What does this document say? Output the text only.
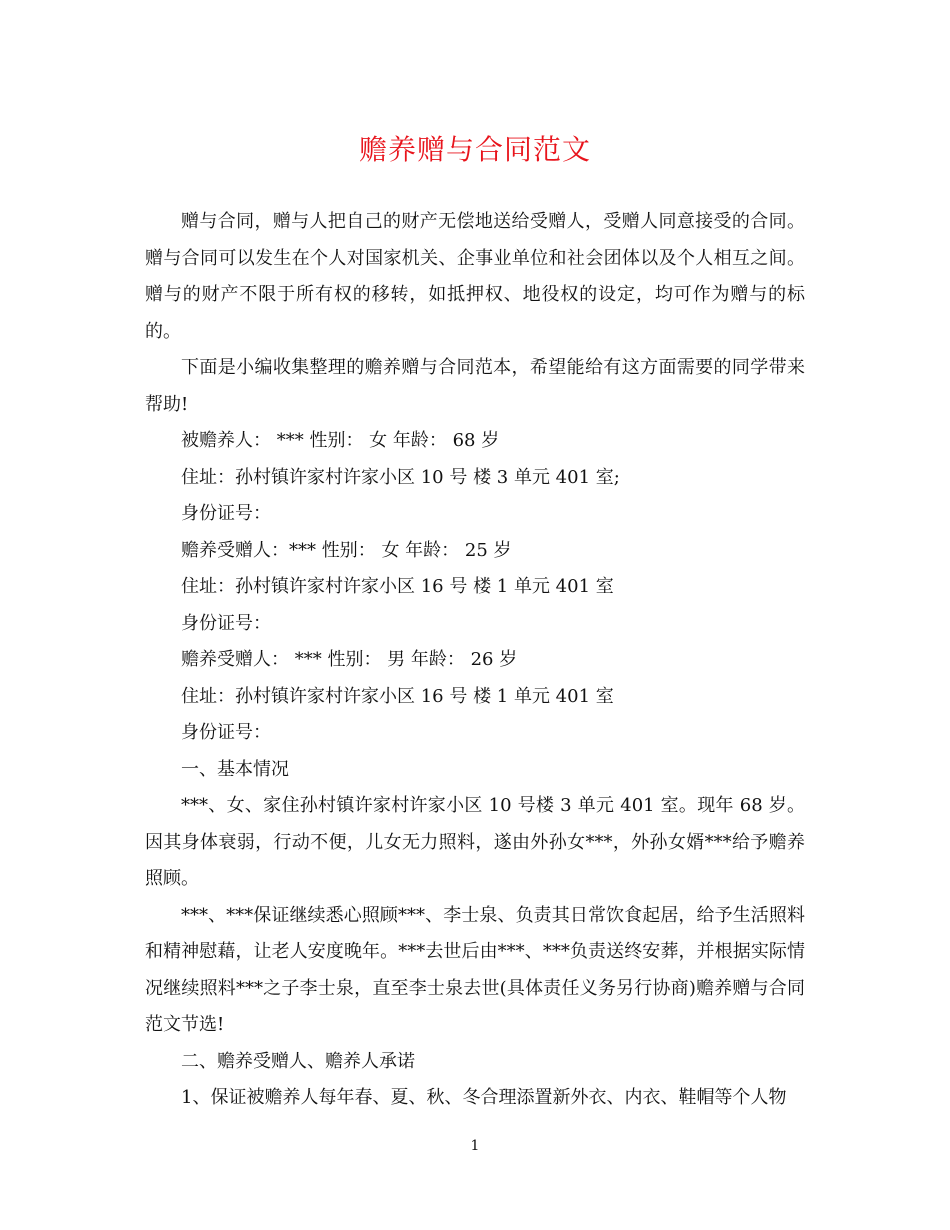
赡养赠与合同范文

赠与合同，赠与人把自己的财产无偿地送给受赠人，受赠人同意接受的合同。赠与合同可以发生在个人对国家机关、企事业单位和社会团体以及个人相互之间。赠与的财产不限于所有权的移转，如抵押权、地役权的设定，均可作为赠与的标的。

下面是小编收集整理的赡养赠与合同范本，希望能给有这方面需要的同学带来帮助!

被赡养人： *** 性别： 女 年龄： 68 岁

住址：孙村镇许家村许家小区 10 号 楼 3 单元 401 室;

身份证号：

赡养受赠人：*** 性别： 女 年龄： 25 岁

住址：孙村镇许家村许家小区 16 号 楼 1 单元 401 室

身份证号：

赡养受赠人： *** 性别： 男 年龄： 26 岁

住址：孙村镇许家村许家小区 16 号 楼 1 单元 401 室

身份证号：

一、基本情况

***、女、家住孙村镇许家村许家小区 10 号楼 3 单元 401 室。现年 68 岁。因其身体衰弱，行动不便，儿女无力照料，遂由外孙女***，外孙女婿***给予赡养照顾。

***、***保证继续悉心照顾***、李士泉、负责其日常饮食起居，给予生活照料和精神慰藉，让老人安度晚年。***去世后由***、***负责送终安葬，并根据实际情况继续照料***之子李士泉，直至李士泉去世(具体责任义务另行协商)赡养赠与合同范文节选!

二、赡养受赠人、赡养人承诺

1、保证被赡养人每年春、夏、秋、冬合理添置新外衣、内衣、鞋帽等个人物

1
